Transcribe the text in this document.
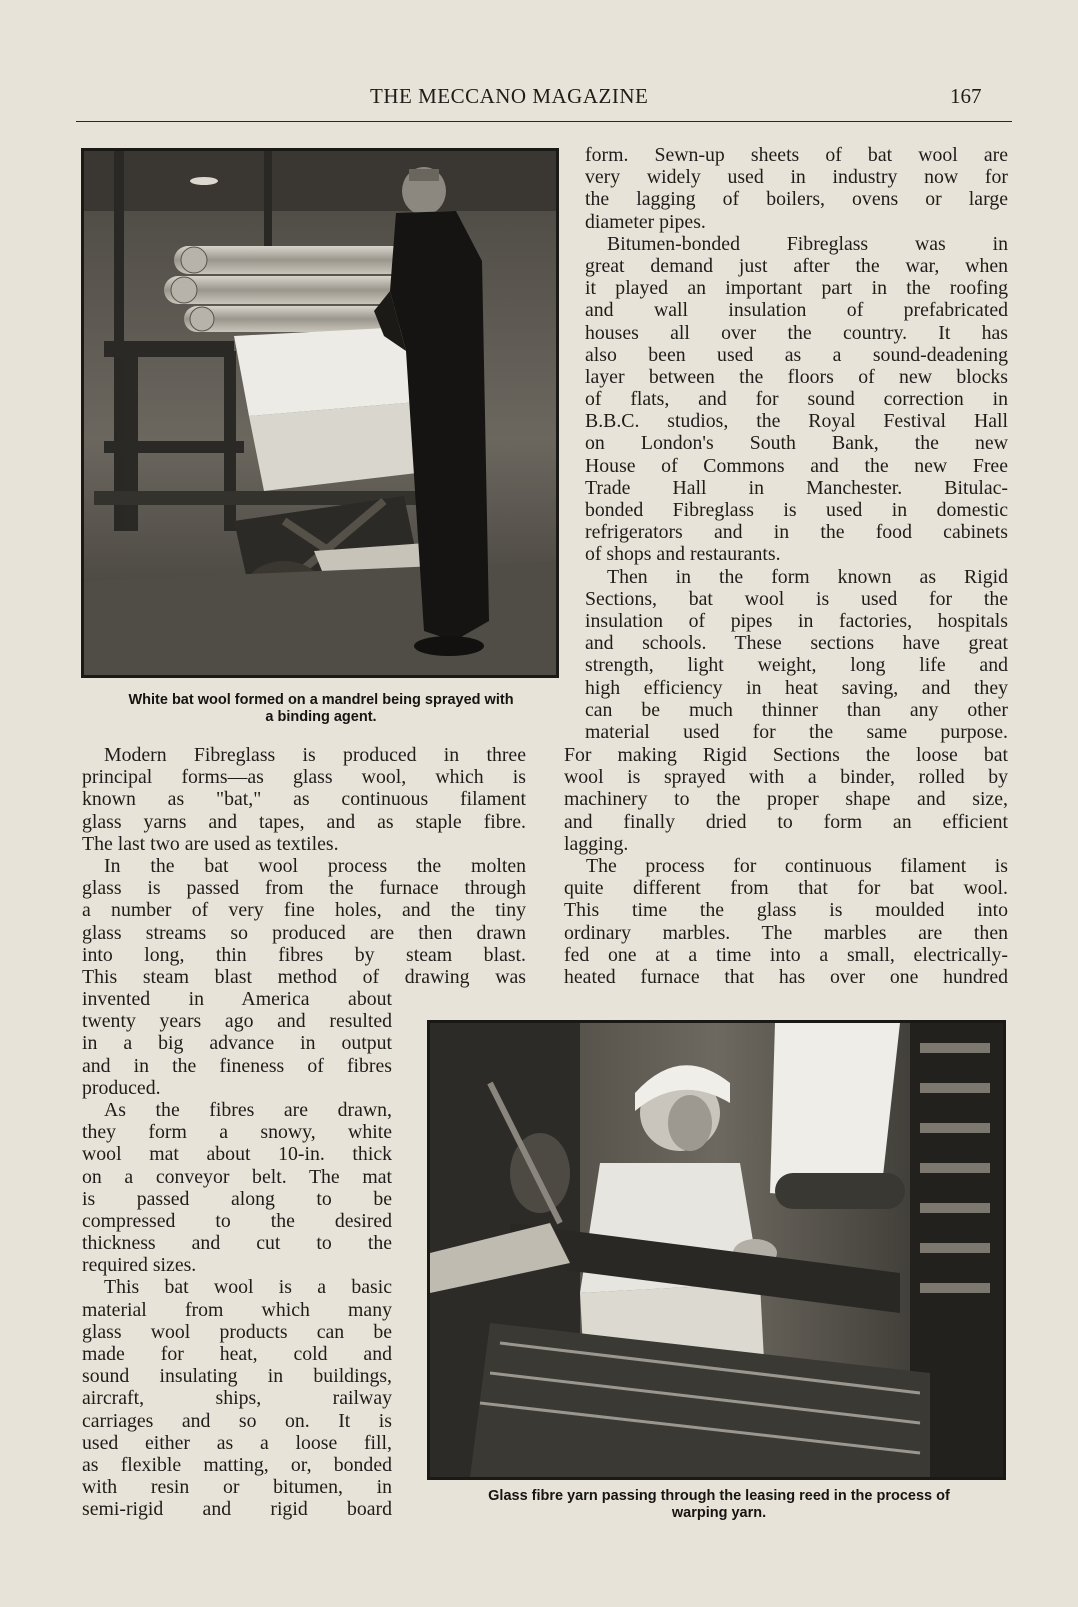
THE MECCANO MAGAZINE	167
White bat wool formed on a mandrel being sprayed with
a binding agent.
Glass fibre yarn passing through the leasing reed in the process of
warping yarn.
form. Sewn-up sheets of bat wool are
very widely used in industry now for
the lagging of boilers, ovens or large
diameter pipes.
Bitumen-bonded Fibreglass was in
great demand just after the war, when
it played an important part in the roofing
and wall insulation of prefabricated
houses all over the country. It has
also been used as a sound-deadening
layer between the floors of new blocks
of flats, and for sound correction in
B.B.C. studios, the Royal Festival Hall
on London's South Bank, the new
House of Commons and the new Free
Trade Hall in Manchester. Bitulac-
bonded Fibreglass is used in domestic
refrigerators and in the food cabinets
of shops and restaurants.
Then in the form known as Rigid
Sections, bat wool is used for the
insulation of pipes in factories, hospitals
and schools. These sections have great
strength, light weight, long life and
high efficiency in heat saving, and they
can be much thinner than any other
material used for the same purpose.
For making Rigid Sections the loose bat
wool is sprayed with a binder, rolled by
machinery to the proper shape and size,
and finally dried to form an efficient
lagging.
The process for continuous filament is
quite different from that for bat wool.
This time the glass is moulded into
ordinary marbles. The marbles are then
fed one at a time into a small, electrically-
heated furnace that has over one hundred
Modern Fibreglass is produced in three
principal forms—as glass wool, which is
known as "bat," as continuous filament
glass yarns and tapes, and as staple fibre.
The last two are used as textiles.
In the bat wool process the molten
glass is passed from the furnace through
a number of very fine holes, and the tiny
glass streams so produced are then drawn
into long, thin fibres by steam blast.
This steam blast method of drawing was
invented in America about
twenty years ago and resulted
in a big advance in output
and in the fineness of fibres
produced.
As the fibres are drawn,
they form a snowy, white
wool mat about 10-in. thick
on a conveyor belt. The mat
is passed along to be
compressed to the desired
thickness and cut to the
required sizes.
This bat wool is a basic
material from which many
glass wool products can be
made for heat, cold and
sound insulating in buildings,
aircraft, ships, railway
carriages and so on. It is
used either as a loose fill,
as flexible matting, or, bonded
with resin or bitumen, in
semi-rigid and rigid board
